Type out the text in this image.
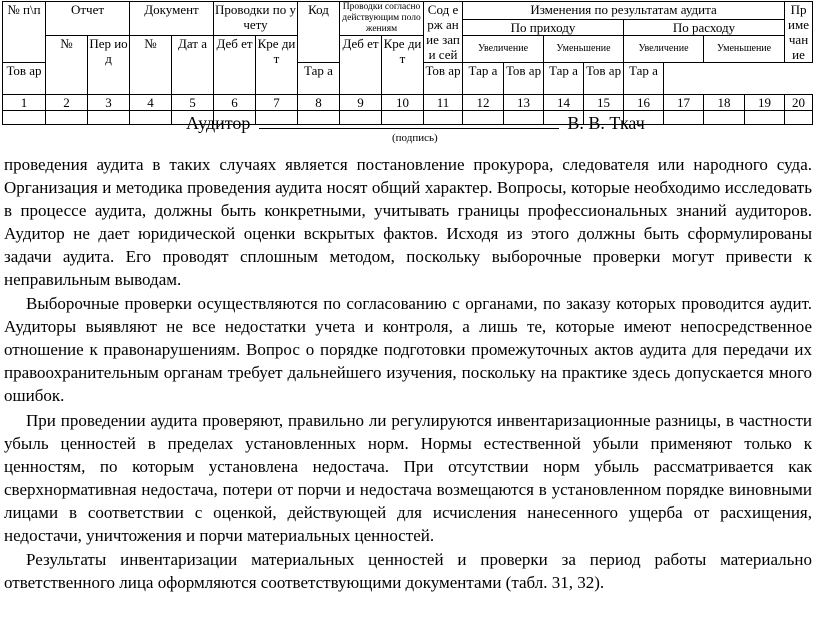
№ п\п	Отчет		Документ		Проводки по учету		Код	Проводки согласно действующим положениям		Сод ерж ание запи сей	Изменения по результатам аудита								Пр име чан ие
											По приходу				По расходу				
	№	Пер иод	№	Дат а	Деб ет	Кре дит		Деб ет	Кре дит		Увеличение		Уменьшение		Увеличение		Уменьшение		
Тов ар							Тар а			Тов ар	Тар а	Тов ар	Тар а	Тов ар	Тар а				
1	2	3	4	5	6	7	8	9	10	11	12	13	14	15	16	17	18	19	20

Аудитор	В. В. Ткач
(подпись)

проведения аудита в таких случаях является постановление прокурора, следователя или народного суда. Организация и методика проведения аудита носят общий характер. Вопросы, которые необходимо исследовать в процессе аудита, должны быть конкретными, учитывать границы профессиональных знаний аудиторов. Аудитор не дает юридической оценки вскрытых фактов. Исходя из этого должны быть сформулированы задачи аудита. Его проводят сплошным методом, поскольку выборочные проверки могут привести к неправильным выводам.

Выборочные проверки осуществляются по согласованию с органами, по заказу которых проводится аудит. Аудиторы выявляют не все недостатки учета и контроля, а лишь те, которые имеют непосредственное отношение к правонарушениям. Вопрос о порядке подготовки промежуточных актов аудита для передачи их правоохранительным органам требует дальнейшего изучения, поскольку на практике здесь допускается много ошибок.

При проведении аудита проверяют, правильно ли регулируются инвентаризационные разницы, в частности убыль ценностей в пределах установленных норм. Нормы естественной убыли применяют только к ценностям, по которым установлена недостача. При отсутствии норм убыль рассматривается как сверхнормативная недостача, потери от порчи и недостача возмещаются в установленном порядке виновными лицами в соответствии с оценкой, действующей для исчисления нанесенного ущерба от расхищения, недостачи, уничтожения и порчи материальных ценностей.

Результаты инвентаризации материальных ценностей и проверки за период работы материально ответственного лица оформляются соответствующими документами (табл. 31, 32).
